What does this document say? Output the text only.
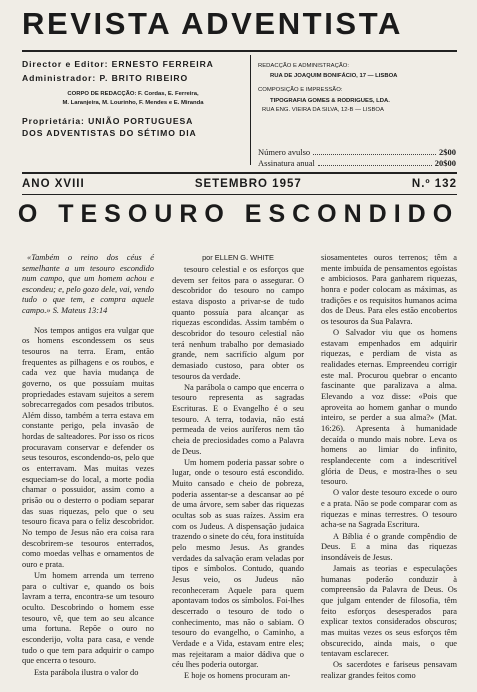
REVISTA ADVENTISTA
Director e Editor: ERNESTO FERREIRA
Administrador: P. BRITO RIBEIRO
CORPO DE REDACÇÃO: F. Cordas, E. Ferreira,
M. Laranjeira, M. Lourinho, F. Mendes e E. Miranda
Proprietária: UNIÃO PORTUGUESA
DOS ADVENTISTAS DO SÉTIMO DIA
REDACÇÃO E ADMINISTRAÇÃO:
RUA DE JOAQUIM BONIFÁCIO, 17 — LISBOA
COMPOSIÇÃO E IMPRESSÃO:
TIPOGRAFIA GOMES & RODRIGUES, LDA.
RUA ENG. VIEIRA DA SILVA, 12-B — LISBOA
Número avulso	2$00
Assinatura anual	20$00
ANO XVIII	SETEMBRO 1957	N.º 132
O TESOURO ESCONDIDO

«Também o reino dos céus é semelhante a um tesouro escondido num campo, que um homem achou e escondeu; e, pelo gozo dele, vai, vendo tudo o que tem, e compra aquele campo.» S. Mateus 13:14

Nos tempos antigos era vulgar que os homens escondessem os seus tesouros na terra. Eram, então frequentes as pilhagens e os roubos, e cada vez que havia mudança de governo, os que possuíam muitas propriedades estavam sujeitos a serem sobrecarregados com pesados tributos. Além disso, também a terra estava em constante perigo, pela invasão de hordas de salteadores. Por isso os ricos procuravam conservar e defender os seus tesouros, escondendo-os, pelo que os enterravam. Mas muitas vezes esqueciam-se do local, a morte podia chamar o possuidor, assim como a prisão ou o desterro o podiam separar das suas riquezas, pelo que o seu tesouro ficava para o feliz descobridor. No tempo de Jesus não era coisa rara descobrirem-se tesouros enterrados, como moedas velhas e ornamentos de ouro e prata.

Um homem arrenda um terreno para o cultivar e, quando os bois lavram a terra, encontra-se um tesouro oculto. Descobrindo o homem esse tesouro, vê, que tem ao seu alcance uma fortuna. Repõe o ouro no esconderijo, volta para casa, e vende tudo o que tem para adquirir o campo que encerra o tesouro.

Esta parábola ilustra o valor do

por ELLEN G. WHITE

tesouro celestial e os esforços que devem ser feitos para o assegurar. O descobridor do tesouro no campo estava disposto a privar-se de tudo quanto possuía para alcançar as riquezas escondidas. Assim também o descobridor do tesouro celestial não terá nenhum trabalho por demasiado grande, nem sacrifício algum por demasiado custoso, para obter os tesouros da verdade.

Na parábola o campo que encerra o tesouro representa as sagradas Escrituras. E o Evangelho é o seu tesouro. A terra, todavia, não está permeada de veios auríferos nem tão cheia de preciosidades como a Palavra de Deus.

Um homem poderia passar sobre o lugar, onde o tesouro está escondido. Muito cansado e cheio de pobreza, poderia assentar-se a descansar ao pé de uma árvore, sem saber das riquezas ocultas sob as suas raízes. Assim era com os Judeus. A dispensação judaica trazendo o sinete do céu, fora instituída pelo mesmo Jesus. As grandes verdades da salvação eram veladas por tipos e símbolos. Contudo, quando Jesus veio, os Judeus não reconheceram Aquele para quem apontavam todos os símbolos. Foi-lhes descerrado o tesouro de todo o conhecimento, mas não o sabiam. O tesouro do evangelho, o Caminho, a Verdade e a Vida, estavam entre eles; mas rejeitaram a maior dádiva que o céu lhes poderia outorgar.

E hoje os homens procuram an-

siosamentetes ouros terrenos; têm a mente imbuída de pensamentos egoístas e ambiciosos. Para ganharem riquezas, honra e poder colocam as máximas, as tradições e os requisitos humanos acima dos de Deus. Para eles estão encobertos os tesouros da Sua Palavra.

O Salvador viu que os homens estavam empenhados em adquirir riquezas, e perdiam de vista as realidades eternas. Empreendeu corrigir este mal. Procurou quebrar o encanto fascinante que paralizava a alma. Elevando a voz disse: «Pois que aproveita ao homem ganhar o mundo inteiro, se perder a sua alma?» (Mat. 16:26). Apresenta à humanidade decaída o mundo mais nobre. Leva os homens ao limiar do infinito, resplandecente com a indescritível glória de Deus, e mostra-lhes o seu tesouro.

O valor deste tesouro excede o ouro e a prata. Não se pode comparar com as riquezas e minas terrestres. O tesouro acha-se na Sagrada Escritura.

A Bíblia é o grande compêndio de Deus. E a mina das riquezas insondáveis de Jesus.

Jamais as teorias e especulações humanas poderão conduzir à compreensão da Palavra de Deus. Os que julgam entender de filosofia, têm feito esforços desesperados para explicar textos considerados obscuros; mas muitas vezes os seus esforços têm obscurecido, ainda mais, o que tentavam esclarecer.

Os sacerdotes e fariseus pensavam realizar grandes feitos como
